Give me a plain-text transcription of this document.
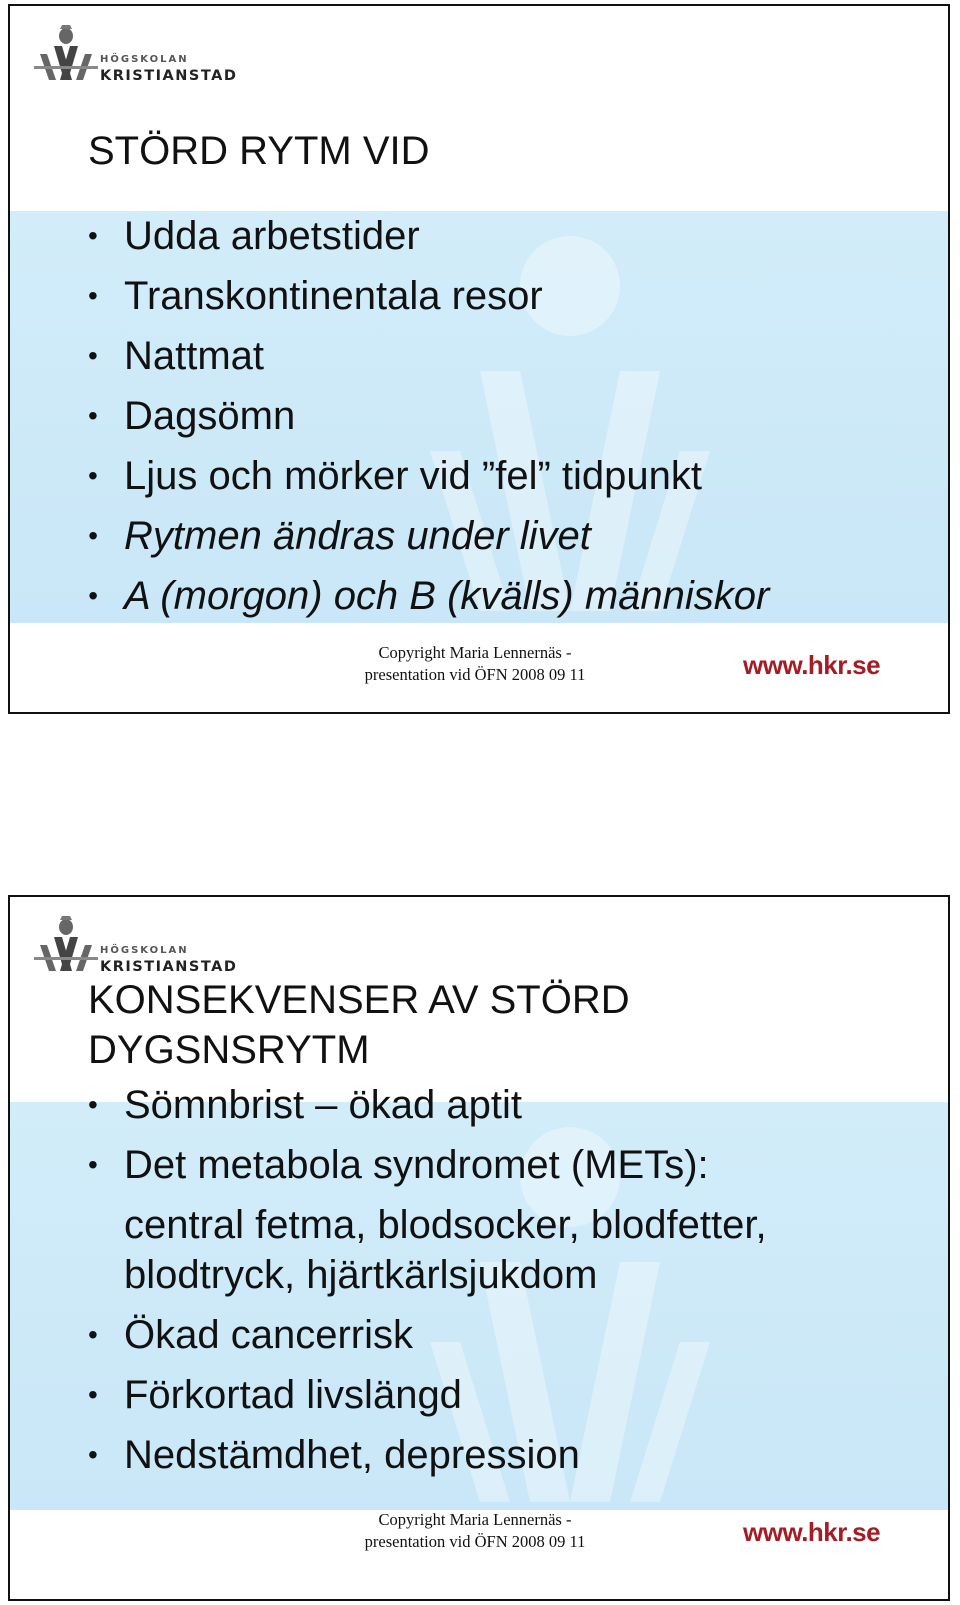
HÖGSKOLAN
KRISTIANSTAD
STÖRD RYTM VID
• Udda arbetstider
• Transkontinentala resor
• Nattmat
• Dagsömn
• Ljus och mörker vid ”fel” tidpunkt
• Rytmen ändras under livet
• A (morgon) och B (kvälls) människor
Copyright Maria Lennernäs -
presentation vid ÖFN 2008 09 11	www.hkr.se
HÖGSKOLAN
KRISTIANSTAD
KONSEKVENSER AV STÖRD
DYGSNSRYTM
• Sömnbrist – ökad aptit
• Det metabola syndromet (METs):
central fetma, blodsocker, blodfetter,
blodtryck, hjärtkärlsjukdom
• Ökad cancerrisk
• Förkortad livslängd
• Nedstämdhet, depression
Copyright Maria Lennernäs -
presentation vid ÖFN 2008 09 11	www.hkr.se
